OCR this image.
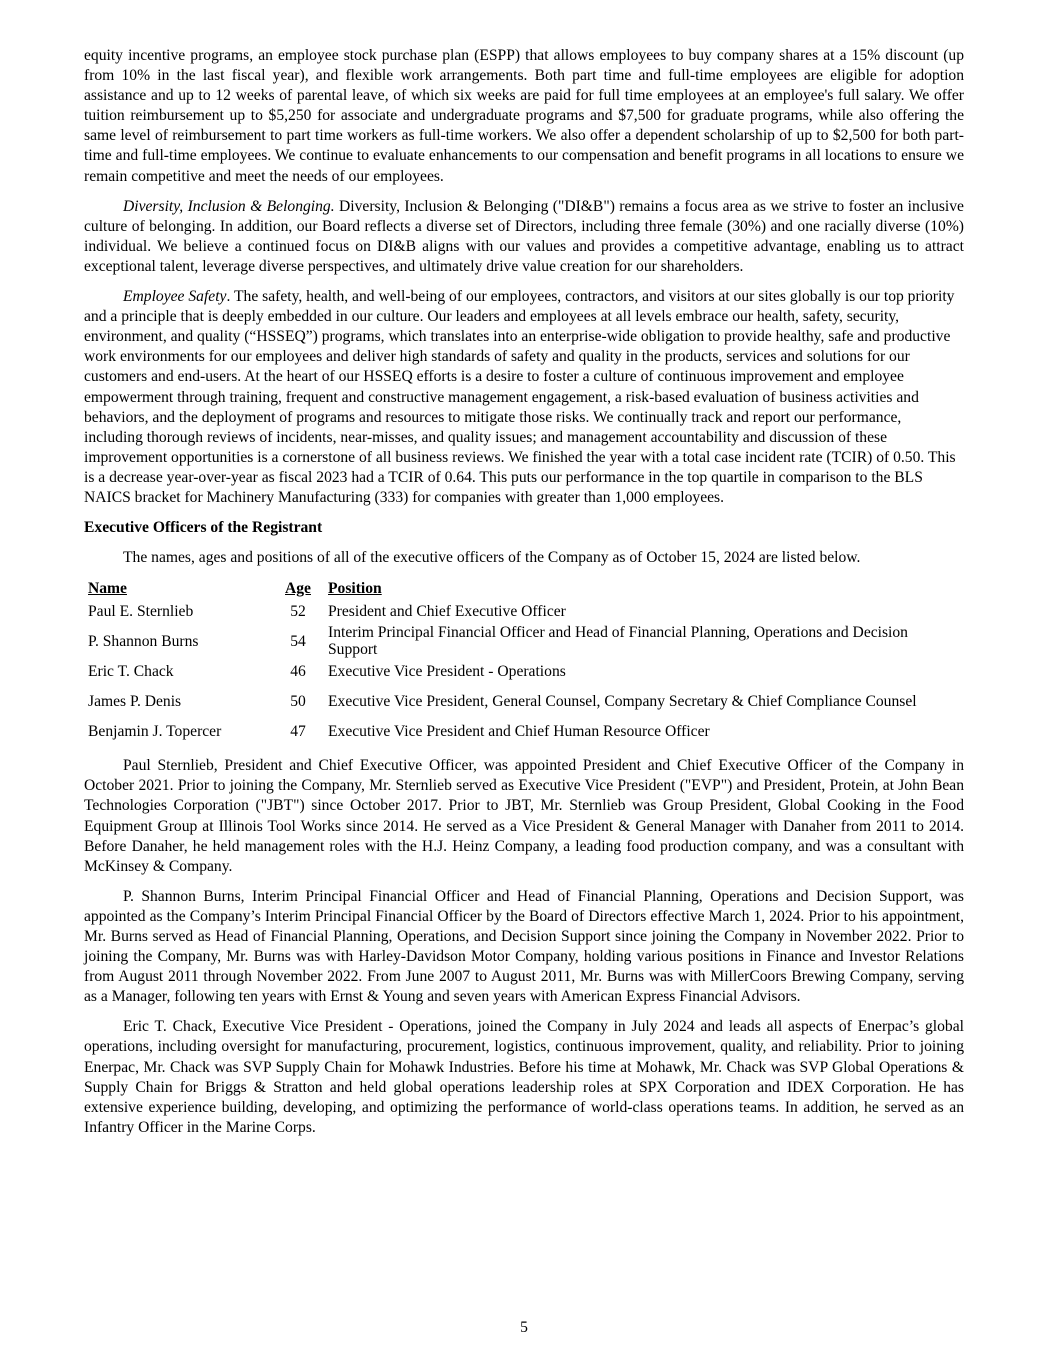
equity incentive programs, an employee stock purchase plan (ESPP) that allows employees to buy company shares at a 15% discount (up from 10% in the last fiscal year), and flexible work arrangements. Both part time and full-time employees are eligible for adoption assistance and up to 12 weeks of parental leave, of which six weeks are paid for full time employees at an employee's full salary. We offer tuition reimbursement up to $5,250 for associate and undergraduate programs and $7,500 for graduate programs, while also offering the same level of reimbursement to part time workers as full-time workers. We also offer a dependent scholarship of up to $2,500 for both part-time and full-time employees. We continue to evaluate enhancements to our compensation and benefit programs in all locations to ensure we remain competitive and meet the needs of our employees.

Diversity, Inclusion & Belonging. Diversity, Inclusion & Belonging ("DI&B") remains a focus area as we strive to foster an inclusive culture of belonging. In addition, our Board reflects a diverse set of Directors, including three female (30%) and one racially diverse (10%) individual. We believe a continued focus on DI&B aligns with our values and provides a competitive advantage, enabling us to attract exceptional talent, leverage diverse perspectives, and ultimately drive value creation for our shareholders.

Employee Safety. The safety, health, and well-being of our employees, contractors, and visitors at our sites globally is our top priority and a principle that is deeply embedded in our culture. Our leaders and employees at all levels embrace our health, safety, security, environment, and quality (“HSSEQ”) programs, which translates into an enterprise-wide obligation to provide healthy, safe and productive work environments for our employees and deliver high standards of safety and quality in the products, services and solutions for our customers and end-users. At the heart of our HSSEQ efforts is a desire to foster a culture of continuous improvement and employee empowerment through training, frequent and constructive management engagement, a risk-based evaluation of business activities and behaviors, and the deployment of programs and resources to mitigate those risks. We continually track and report our performance, including thorough reviews of incidents, near-misses, and quality issues; and management accountability and discussion of these improvement opportunities is a cornerstone of all business reviews. We finished the year with a total case incident rate (TCIR) of 0.50. This is a decrease year-over-year as fiscal 2023 had a TCIR of 0.64. This puts our performance in the top quartile in comparison to the BLS NAICS bracket for Machinery Manufacturing (333) for companies with greater than 1,000 employees.

Executive Officers of the Registrant

The names, ages and positions of all of the executive officers of the Company as of October 15, 2024 are listed below.

Name	Age	Position
Paul E. Sternlieb	52	President and Chief Executive Officer
P. Shannon Burns	54	Interim Principal Financial Officer and Head of Financial Planning, Operations and Decision Support
Eric T. Chack	46	Executive Vice President - Operations
James P. Denis	50	Executive Vice President, General Counsel, Company Secretary & Chief Compliance Counsel
Benjamin J. Topercer	47	Executive Vice President and Chief Human Resource Officer

Paul Sternlieb, President and Chief Executive Officer, was appointed President and Chief Executive Officer of the Company in October 2021. Prior to joining the Company, Mr. Sternlieb served as Executive Vice President ("EVP") and President, Protein, at John Bean Technologies Corporation ("JBT") since October 2017. Prior to JBT, Mr. Sternlieb was Group President, Global Cooking in the Food Equipment Group at Illinois Tool Works since 2014. He served as a Vice President & General Manager with Danaher from 2011 to 2014. Before Danaher, he held management roles with the H.J. Heinz Company, a leading food production company, and was a consultant with McKinsey & Company.

P. Shannon Burns, Interim Principal Financial Officer and Head of Financial Planning, Operations and Decision Support, was appointed as the Company’s Interim Principal Financial Officer by the Board of Directors effective March 1, 2024. Prior to his appointment, Mr. Burns served as Head of Financial Planning, Operations, and Decision Support since joining the Company in November 2022. Prior to joining the Company, Mr. Burns was with Harley-Davidson Motor Company, holding various positions in Finance and Investor Relations from August 2011 through November 2022. From June 2007 to August 2011, Mr. Burns was with MillerCoors Brewing Company, serving as a Manager, following ten years with Ernst & Young and seven years with American Express Financial Advisors.

Eric T. Chack, Executive Vice President - Operations, joined the Company in July 2024 and leads all aspects of Enerpac’s global operations, including oversight for manufacturing, procurement, logistics, continuous improvement, quality, and reliability. Prior to joining Enerpac, Mr. Chack was SVP Supply Chain for Mohawk Industries. Before his time at Mohawk, Mr. Chack was SVP Global Operations & Supply Chain for Briggs & Stratton and held global operations leadership roles at SPX Corporation and IDEX Corporation. He has extensive experience building, developing, and optimizing the performance of world-class operations teams. In addition, he served as an Infantry Officer in the Marine Corps.

5
